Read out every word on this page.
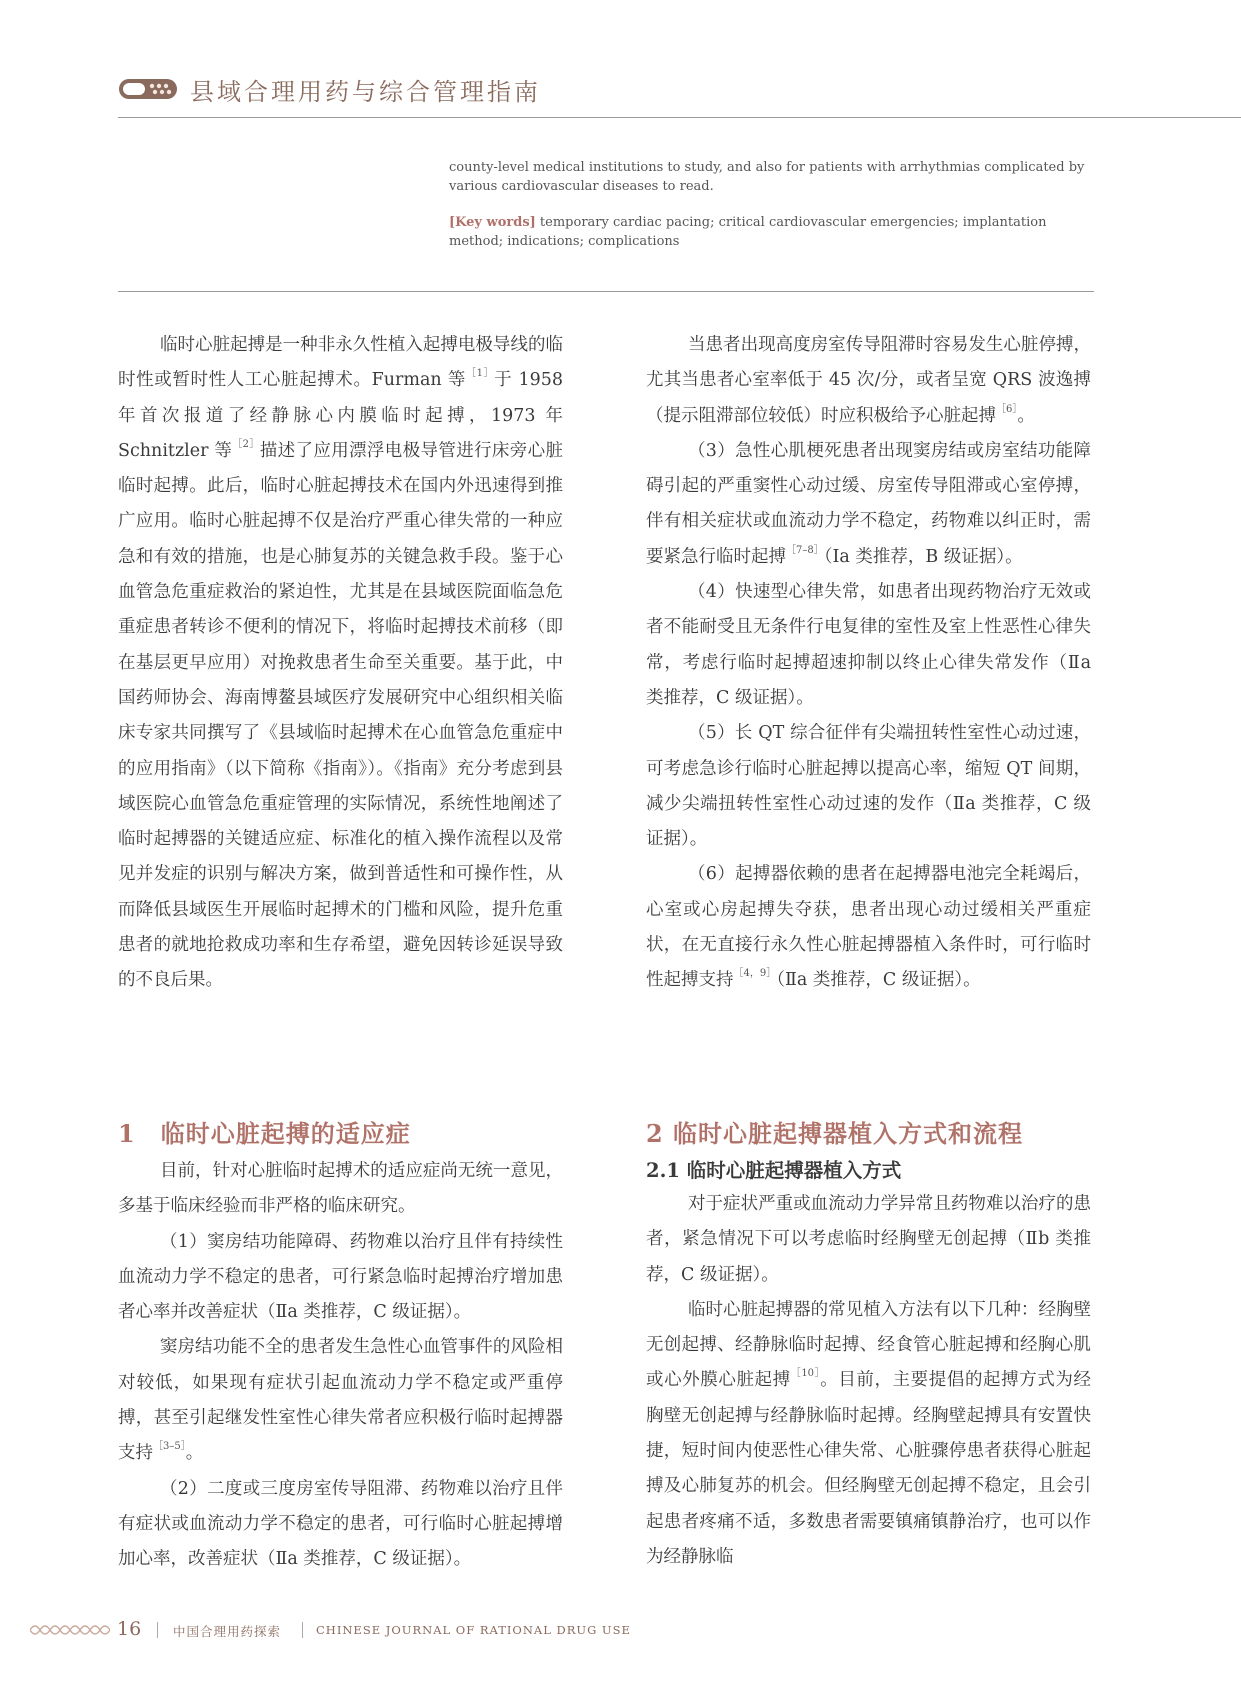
县域合理用药与综合管理指南
county-level medical institutions to study, and also for patients with arrhythmias complicated by various cardiovascular diseases to read.
[Key words] temporary cardiac pacing; critical cardiovascular emergencies; implantation method; indications; complications

临时心脏起搏是一种非永久性植入起搏电极导线的临时性或暂时性人工心脏起搏术。Furman 等$^{[1]}$于 1958 年首次报道了经静脉心内膜临时起搏，1973 年 Schnitzler 等$^{[2]}$描述了应用漂浮电极导管进行床旁心脏临时起搏。此后，临时心脏起搏技术在国内外迅速得到推广应用。临时心脏起搏不仅是治疗严重心律失常的一种应急和有效的措施，也是心肺复苏的关键急救手段。鉴于心血管急危重症救治的紧迫性，尤其是在县域医院面临急危重症患者转诊不便利的情况下，将临时起搏技术前移（即在基层更早应用）对挽救患者生命至关重要。基于此，中国药师协会、海南博鳌县域医疗发展研究中心组织相关临床专家共同撰写了《县域临时起搏术在心血管急危重症中的应用指南》（以下简称《指南》）。《指南》充分考虑到县域医院心血管急危重症管理的实际情况，系统性地阐述了临时起搏器的关键适应症、标准化的植入操作流程以及常见并发症的识别与解决方案，做到普适性和可操作性，从而降低县域医生开展临时起搏术的门槛和风险，提升危重患者的就地抢救成功率和生存希望，避免因转诊延误导致的不良后果。

1　临时心脏起搏的适应症

目前，针对心脏临时起搏术的适应症尚无统一意见，多基于临床经验而非严格的临床研究。

（1）窦房结功能障碍、药物难以治疗且伴有持续性血流动力学不稳定的患者，可行紧急临时起搏治疗增加患者心率并改善症状（Ⅱa 类推荐，C 级证据）。

窦房结功能不全的患者发生急性心血管事件的风险相对较低，如果现有症状引起血流动力学不稳定或严重停搏，甚至引起继发性室性心律失常者应积极行临时起搏器支持$^{[3-5]}$。

（2）二度或三度房室传导阻滞、药物难以治疗且伴有症状或血流动力学不稳定的患者，可行临时心脏起搏增加心率，改善症状（Ⅱa 类推荐，C 级证据）。

当患者出现高度房室传导阻滞时容易发生心脏停搏，尤其当患者心室率低于 45 次/分，或者呈宽 QRS 波逸搏（提示阻滞部位较低）时应积极给予心脏起搏$^{[6]}$。

（3）急性心肌梗死患者出现窦房结或房室结功能障碍引起的严重窦性心动过缓、房室传导阻滞或心室停搏，伴有相关症状或血流动力学不稳定，药物难以纠正时，需要紧急行临时起搏$^{[7-8]}$（Ⅰa 类推荐，B 级证据）。

（4）快速型心律失常，如患者出现药物治疗无效或者不能耐受且无条件行电复律的室性及室上性恶性心律失常，考虑行临时起搏超速抑制以终止心律失常发作（Ⅱa 类推荐，C 级证据）。

（5）长 QT 综合征伴有尖端扭转性室性心动过速，可考虑急诊行临时心脏起搏以提高心率，缩短 QT 间期，减少尖端扭转性室性心动过速的发作（Ⅱa 类推荐，C 级证据）。

（6）起搏器依赖的患者在起搏器电池完全耗竭后，心室或心房起搏失夺获，患者出现心动过缓相关严重症状，在无直接行永久性心脏起搏器植入条件时，可行临时性起搏支持$^{[4,9]}$（Ⅱa 类推荐，C 级证据）。

2 临时心脏起搏器植入方式和流程
2.1 临时心脏起搏器植入方式

对于症状严重或血流动力学异常且药物难以治疗的患者，紧急情况下可以考虑临时经胸壁无创起搏（Ⅱb 类推荐，C 级证据）。

临时心脏起搏器的常见植入方法有以下几种：经胸壁无创起搏、经静脉临时起搏、经食管心脏起搏和经胸心肌或心外膜心脏起搏$^{[10]}$。目前，主要提倡的起搏方式为经胸壁无创起搏与经静脉临时起搏。经胸壁起搏具有安置快捷，短时间内使恶性心律失常、心脏骤停患者获得心脏起搏及心肺复苏的机会。但经胸壁无创起搏不稳定，且会引起患者疼痛不适，多数患者需要镇痛镇静治疗，也可以作为经静脉临

16	中国合理用药探索	CHINESE JOURNAL OF RATIONAL DRUG USE
